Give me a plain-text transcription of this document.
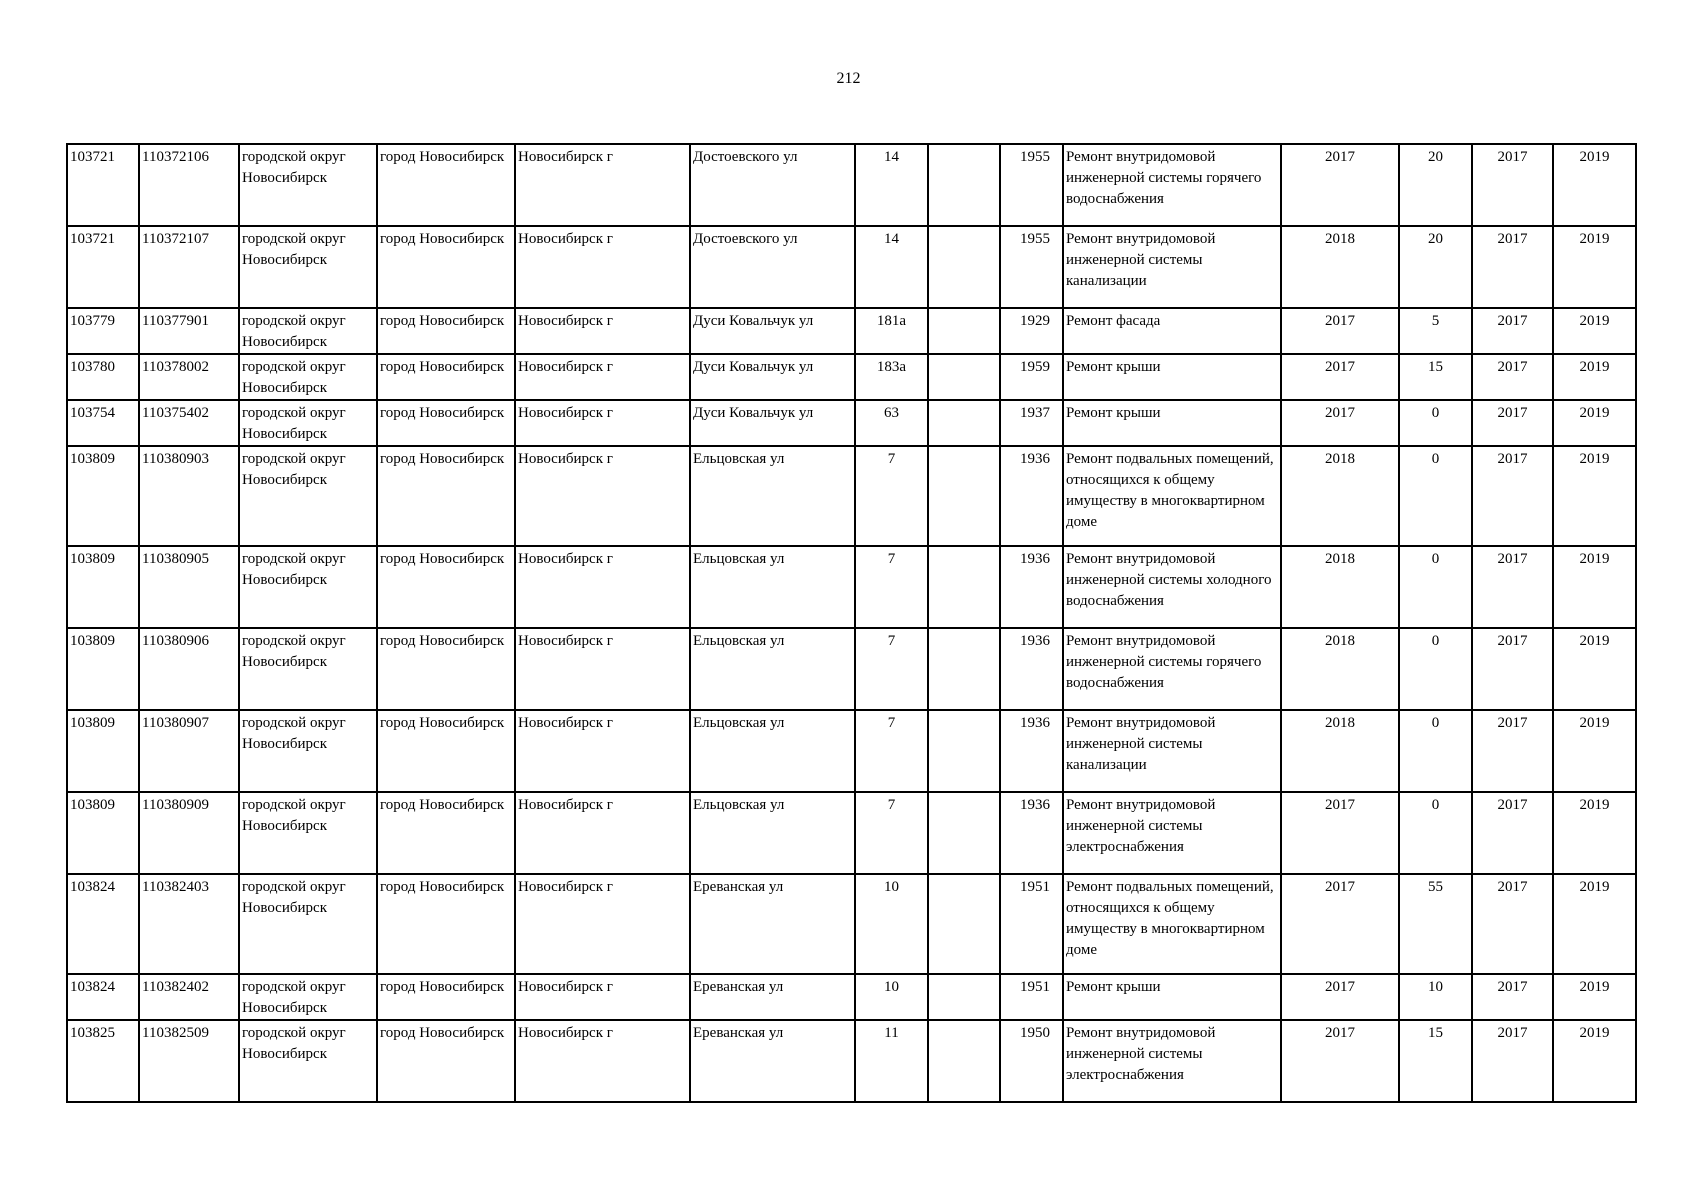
212
103721	110372106	городской округ Новосибирск	город Новосибирск	Новосибирск г	Достоевского ул	14		1955	Ремонт внутридомовой инженерной системы горячего водоснабжения	2017	20	2017	2019
103721	110372107	городской округ Новосибирск	город Новосибирск	Новосибирск г	Достоевского ул	14		1955	Ремонт внутридомовой инженерной системы канализации	2018	20	2017	2019
103779	110377901	городской округ Новосибирск	город Новосибирск	Новосибирск г	Дуси Ковальчук ул	181а		1929	Ремонт фасада	2017	5	2017	2019
103780	110378002	городской округ Новосибирск	город Новосибирск	Новосибирск г	Дуси Ковальчук ул	183а		1959	Ремонт крыши	2017	15	2017	2019
103754	110375402	городской округ Новосибирск	город Новосибирск	Новосибирск г	Дуси Ковальчук ул	63		1937	Ремонт крыши	2017	0	2017	2019
103809	110380903	городской округ Новосибирск	город Новосибирск	Новосибирск г	Ельцовская ул	7		1936	Ремонт подвальных помещений, относящихся к общему имуществу в многоквартирном доме	2018	0	2017	2019
103809	110380905	городской округ Новосибирск	город Новосибирск	Новосибирск г	Ельцовская ул	7		1936	Ремонт внутридомовой инженерной системы холодного водоснабжения	2018	0	2017	2019
103809	110380906	городской округ Новосибирск	город Новосибирск	Новосибирск г	Ельцовская ул	7		1936	Ремонт внутридомовой инженерной системы горячего водоснабжения	2018	0	2017	2019
103809	110380907	городской округ Новосибирск	город Новосибирск	Новосибирск г	Ельцовская ул	7		1936	Ремонт внутридомовой инженерной системы канализации	2018	0	2017	2019
103809	110380909	городской округ Новосибирск	город Новосибирск	Новосибирск г	Ельцовская ул	7		1936	Ремонт внутридомовой инженерной системы электроснабжения	2017	0	2017	2019
103824	110382403	городской округ Новосибирск	город Новосибирск	Новосибирск г	Ереванская ул	10		1951	Ремонт подвальных помещений, относящихся к общему имуществу в многоквартирном доме	2017	55	2017	2019
103824	110382402	городской округ Новосибирск	город Новосибирск	Новосибирск г	Ереванская ул	10		1951	Ремонт крыши	2017	10	2017	2019
103825	110382509	городской округ Новосибирск	город Новосибирск	Новосибирск г	Ереванская ул	11		1950	Ремонт внутридомовой инженерной системы электроснабжения	2017	15	2017	2019
